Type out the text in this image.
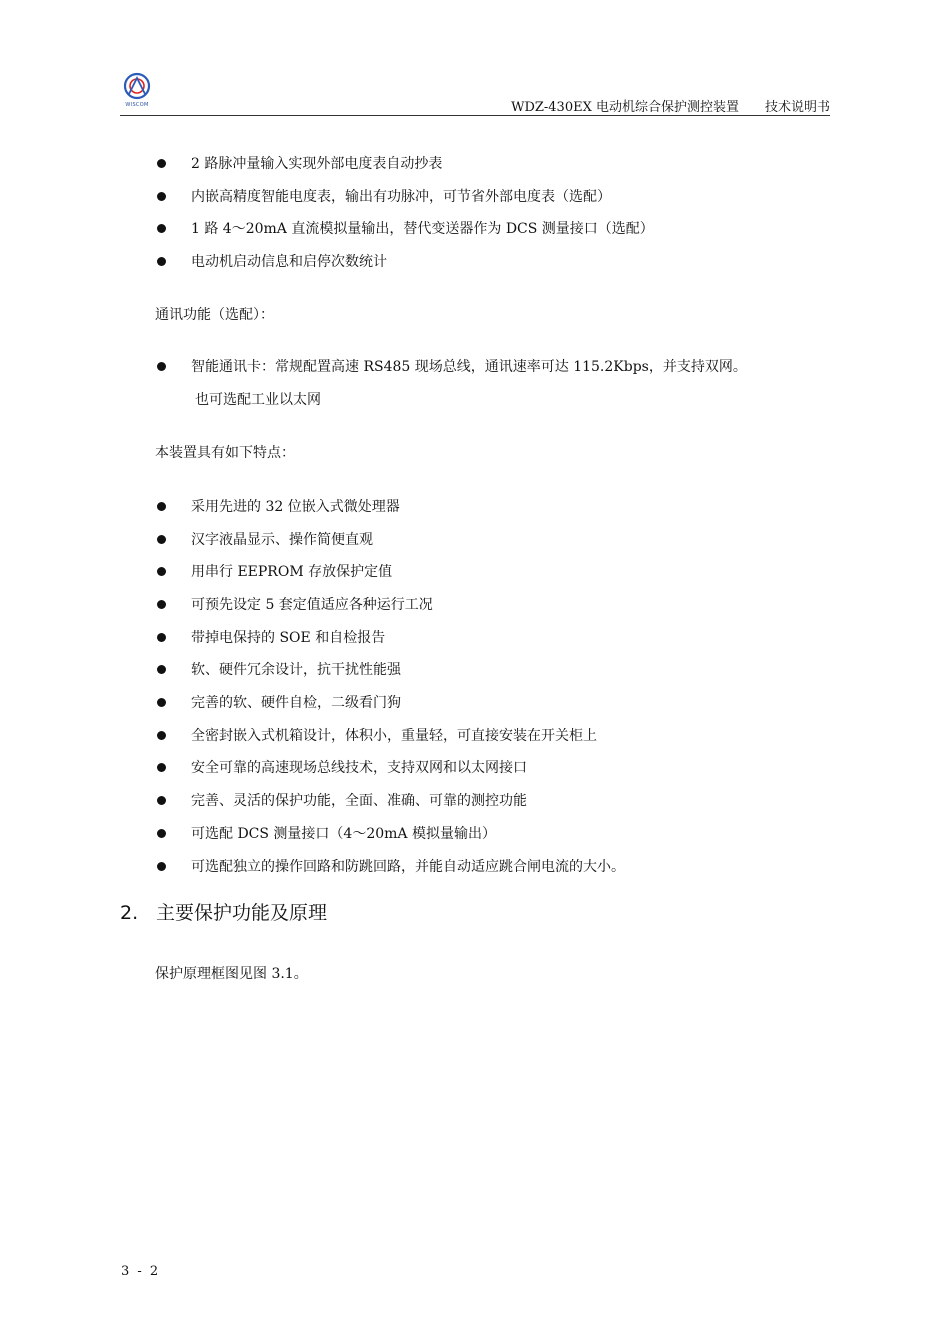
WISCOM	WDZ-430EX 电动机综合保护测控装置 技术说明书
2 路脉冲量输入实现外部电度表自动抄表
内嵌高精度智能电度表，输出有功脉冲，可节省外部电度表（选配）
1 路 4～20mA 直流模拟量输出，替代变送器作为 DCS 测量接口（选配）
电动机启动信息和启停次数统计

通讯功能（选配）：

智能通讯卡：常规配置高速 RS485 现场总线，通讯速率可达 115.2Kbps，并支持双网。
也可选配工业以太网

本装置具有如下特点：

采用先进的 32 位嵌入式微处理器
汉字液晶显示、操作简便直观
用串行 EEPROM 存放保护定值
可预先设定 5 套定值适应各种运行工况
带掉电保持的 SOE 和自检报告
软、硬件冗余设计，抗干扰性能强
完善的软、硬件自检，二级看门狗
全密封嵌入式机箱设计，体积小，重量轻，可直接安装在开关柜上
安全可靠的高速现场总线技术，支持双网和以太网接口
完善、灵活的保护功能，全面、准确、可靠的测控功能
可选配 DCS 测量接口（4～20mA 模拟量输出）
可选配独立的操作回路和防跳回路，并能自动适应跳合闸电流的大小。
2. 主要保护功能及原理
保护原理框图见图 3.1。
3 - 2
